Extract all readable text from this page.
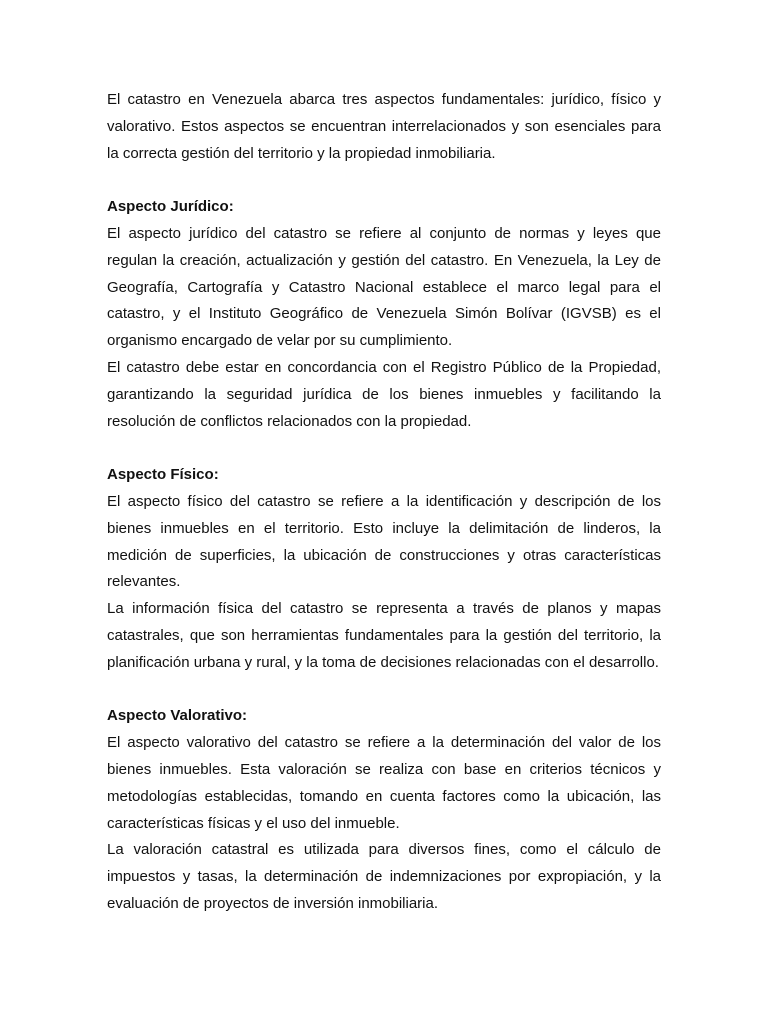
El catastro en Venezuela abarca tres aspectos fundamentales: jurídico, físico y valorativo. Estos aspectos se encuentran interrelacionados y son esenciales para la correcta gestión del territorio y la propiedad inmobiliaria.

Aspecto Jurídico:

El aspecto jurídico del catastro se refiere al conjunto de normas y leyes que regulan la creación, actualización y gestión del catastro. En Venezuela, la Ley de Geografía, Cartografía y Catastro Nacional establece el marco legal para el catastro, y el Instituto Geográfico de Venezuela Simón Bolívar (IGVSB) es el organismo encargado de velar por su cumplimiento.

El catastro debe estar en concordancia con el Registro Público de la Propiedad, garantizando la seguridad jurídica de los bienes inmuebles y facilitando la resolución de conflictos relacionados con la propiedad.

Aspecto Físico:

El aspecto físico del catastro se refiere a la identificación y descripción de los bienes inmuebles en el territorio. Esto incluye la delimitación de linderos, la medición de superficies, la ubicación de construcciones y otras características relevantes.

La información física del catastro se representa a través de planos y mapas catastrales, que son herramientas fundamentales para la gestión del territorio, la planificación urbana y rural, y la toma de decisiones relacionadas con el desarrollo.

Aspecto Valorativo:

El aspecto valorativo del catastro se refiere a la determinación del valor de los bienes inmuebles. Esta valoración se realiza con base en criterios técnicos y metodologías establecidas, tomando en cuenta factores como la ubicación, las características físicas y el uso del inmueble.

La valoración catastral es utilizada para diversos fines, como el cálculo de impuestos y tasas, la determinación de indemnizaciones por expropiación, y la evaluación de proyectos de inversión inmobiliaria.
